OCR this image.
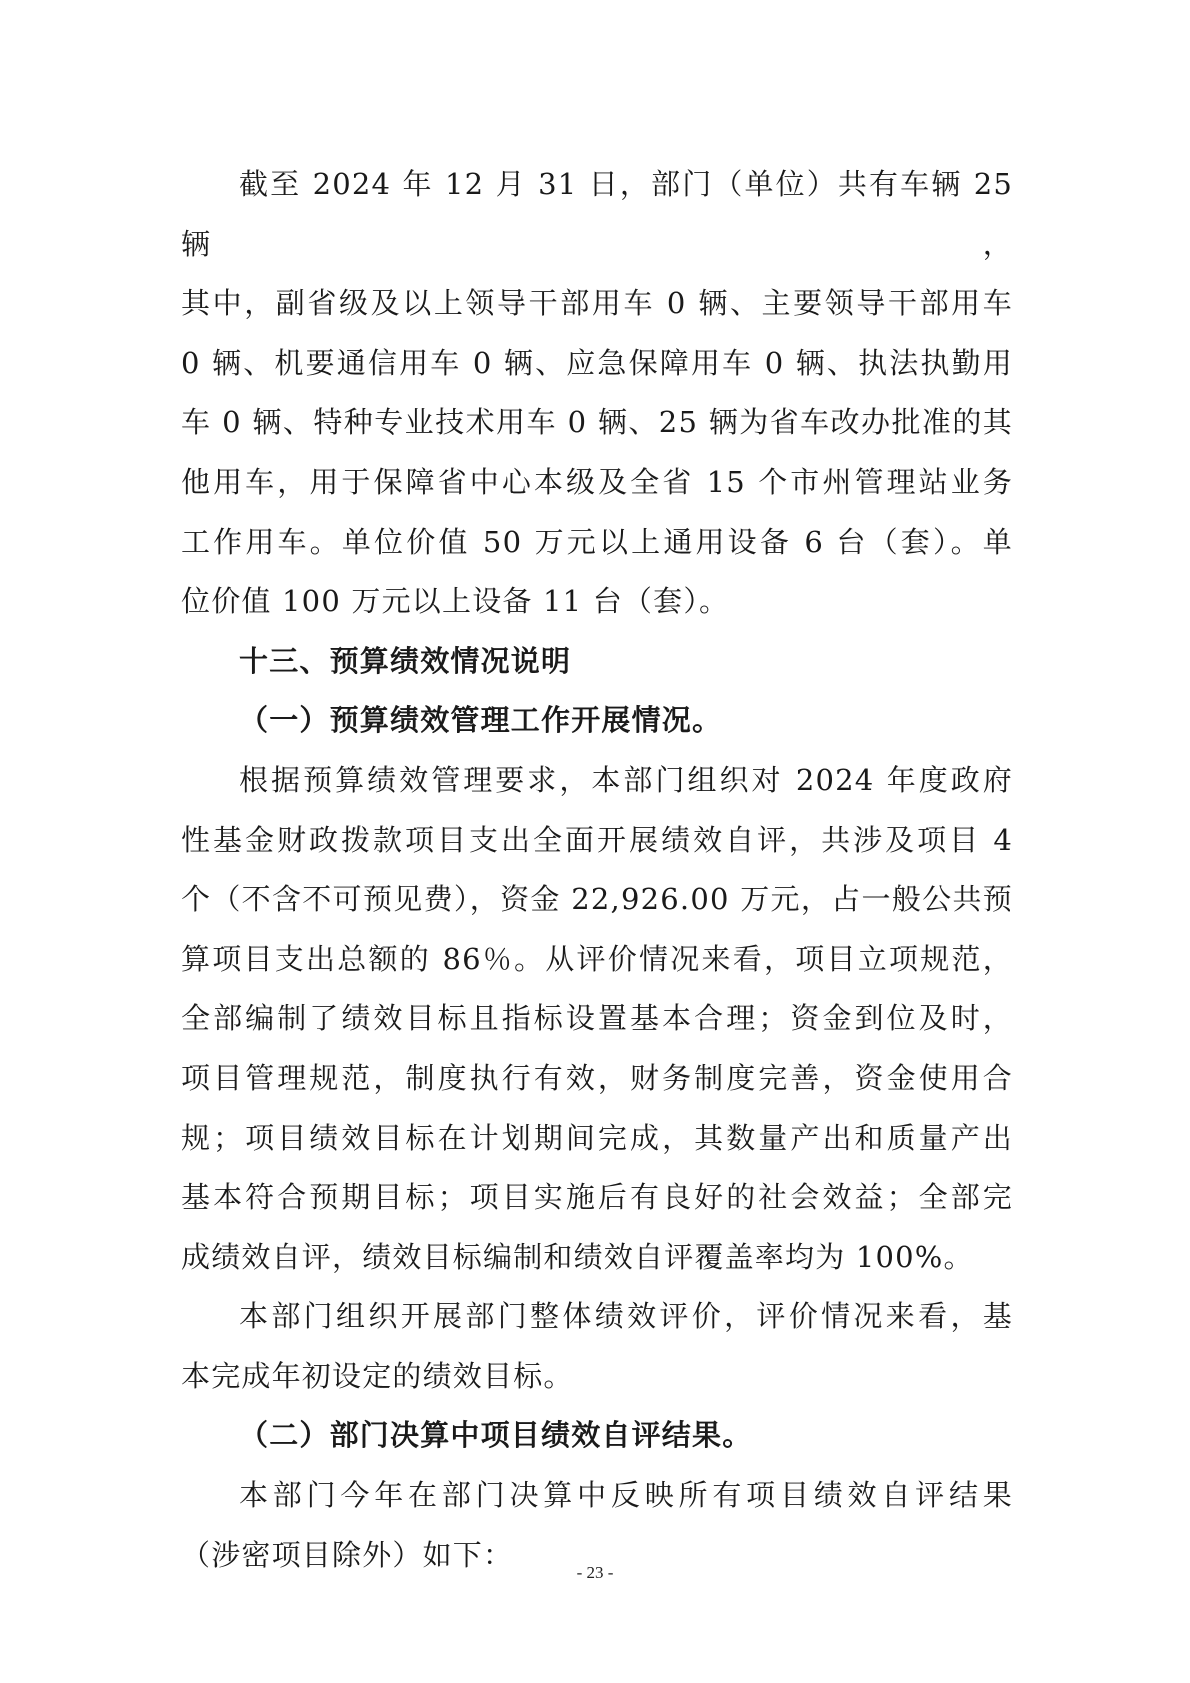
截至 2024 年 12 月 31 日，部门（单位）共有车辆 25 辆，
其中，副省级及以上领导干部用车 0 辆、主要领导干部用车
0 辆、机要通信用车 0 辆、应急保障用车 0 辆、执法执勤用
车 0 辆、特种专业技术用车 0 辆、25 辆为省车改办批准的其
他用车，用于保障省中心本级及全省 15 个市州管理站业务
工作用车。单位价值 50 万元以上通用设备 6 台（套）。单
位价值 100 万元以上设备 11 台（套）。

十三、预算绩效情况说明

（一）预算绩效管理工作开展情况。

根据预算绩效管理要求，本部门组织对 2024 年度政府
性基金财政拨款项目支出全面开展绩效自评，共涉及项目 4
个（不含不可预见费），资金 22,926.00 万元，占一般公共预
算项目支出总额的 86％。从评价情况来看，项目立项规范，
全部编制了绩效目标且指标设置基本合理；资金到位及时，
项目管理规范，制度执行有效，财务制度完善，资金使用合
规；项目绩效目标在计划期间完成，其数量产出和质量产出
基本符合预期目标；项目实施后有良好的社会效益；全部完
成绩效自评，绩效目标编制和绩效自评覆盖率均为 100%。

本部门组织开展部门整体绩效评价，评价情况来看，基
本完成年初设定的绩效目标。

（二）部门决算中项目绩效自评结果。

本部门今年在部门决算中反映所有项目绩效自评结果
（涉密项目除外）如下：

- 23 -
